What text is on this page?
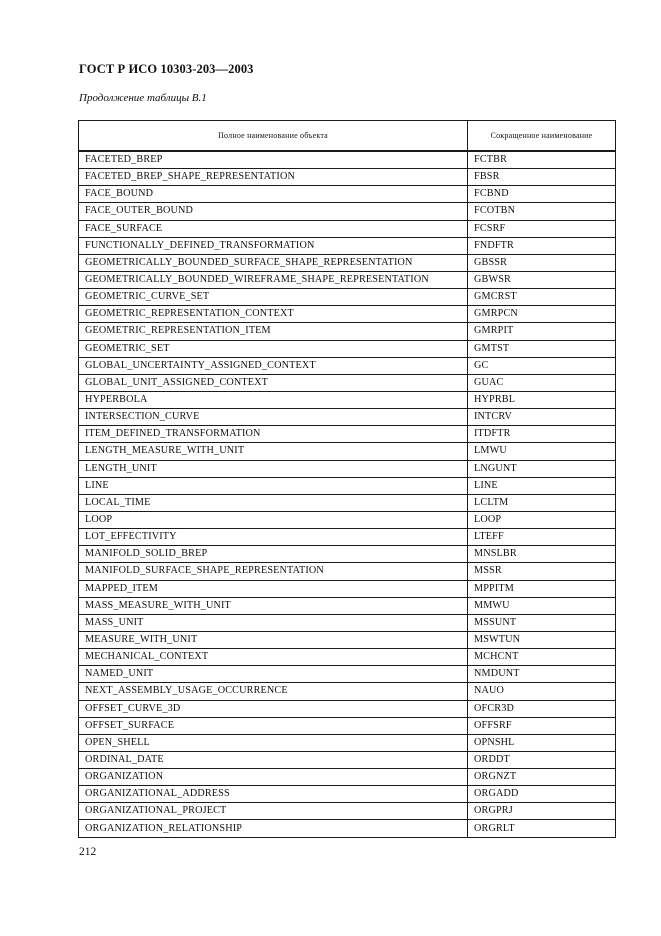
ГОСТ Р ИСО 10303-203—2003
Продолжение таблицы В.1
Полное наименование объекта	Сокращенное наименование
FACETED_BREP	FCTBR
FACETED_BREP_SHAPE_REPRESENTATION	FBSR
FACE_BOUND	FCBND
FACE_OUTER_BOUND	FCOTBN
FACE_SURFACE	FCSRF
FUNCTIONALLY_DEFINED_TRANSFORMATION	FNDFTR
GEOMETRICALLY_BOUNDED_SURFACE_SHAPE_REPRESENTATION	GBSSR
GEOMETRICALLY_BOUNDED_WIREFRAME_SHAPE_REPRESENTATION	GBWSR
GEOMETRIC_CURVE_SET	GMCRST
GEOMETRIC_REPRESENTATION_CONTEXT	GMRPCN
GEOMETRIC_REPRESENTATION_ITEM	GMRPIT
GEOMETRIC_SET	GMTST
GLOBAL_UNCERTAINTY_ASSIGNED_CONTEXT	GC
GLOBAL_UNIT_ASSIGNED_CONTEXT	GUAC
HYPERBOLA	HYPRBL
INTERSECTION_CURVE	INTCRV
ITEM_DEFINED_TRANSFORMATION	ITDFTR
LENGTH_MEASURE_WITH_UNIT	LMWU
LENGTH_UNIT	LNGUNT
LINE	LINE
LOCAL_TIME	LCLTM
LOOP	LOOP
LOT_EFFECTIVITY	LTEFF
MANIFOLD_SOLID_BREP	MNSLBR
MANIFOLD_SURFACE_SHAPE_REPRESENTATION	MSSR
MAPPED_ITEM	MPPITM
MASS_MEASURE_WITH_UNIT	MMWU
MASS_UNIT	MSSUNT
MEASURE_WITH_UNIT	MSWTUN
MECHANICAL_CONTEXT	MCHCNT
NAMED_UNIT	NMDUNT
NEXT_ASSEMBLY_USAGE_OCCURRENCE	NAUO
OFFSET_CURVE_3D	OFCR3D
OFFSET_SURFACE	OFFSRF
OPEN_SHELL	OPNSHL
ORDINAL_DATE	ORDDT
ORGANIZATION	ORGNZT
ORGANIZATIONAL_ADDRESS	ORGADD
ORGANIZATIONAL_PROJECT	ORGPRJ
ORGANIZATION_RELATIONSHIP	ORGRLT
212
